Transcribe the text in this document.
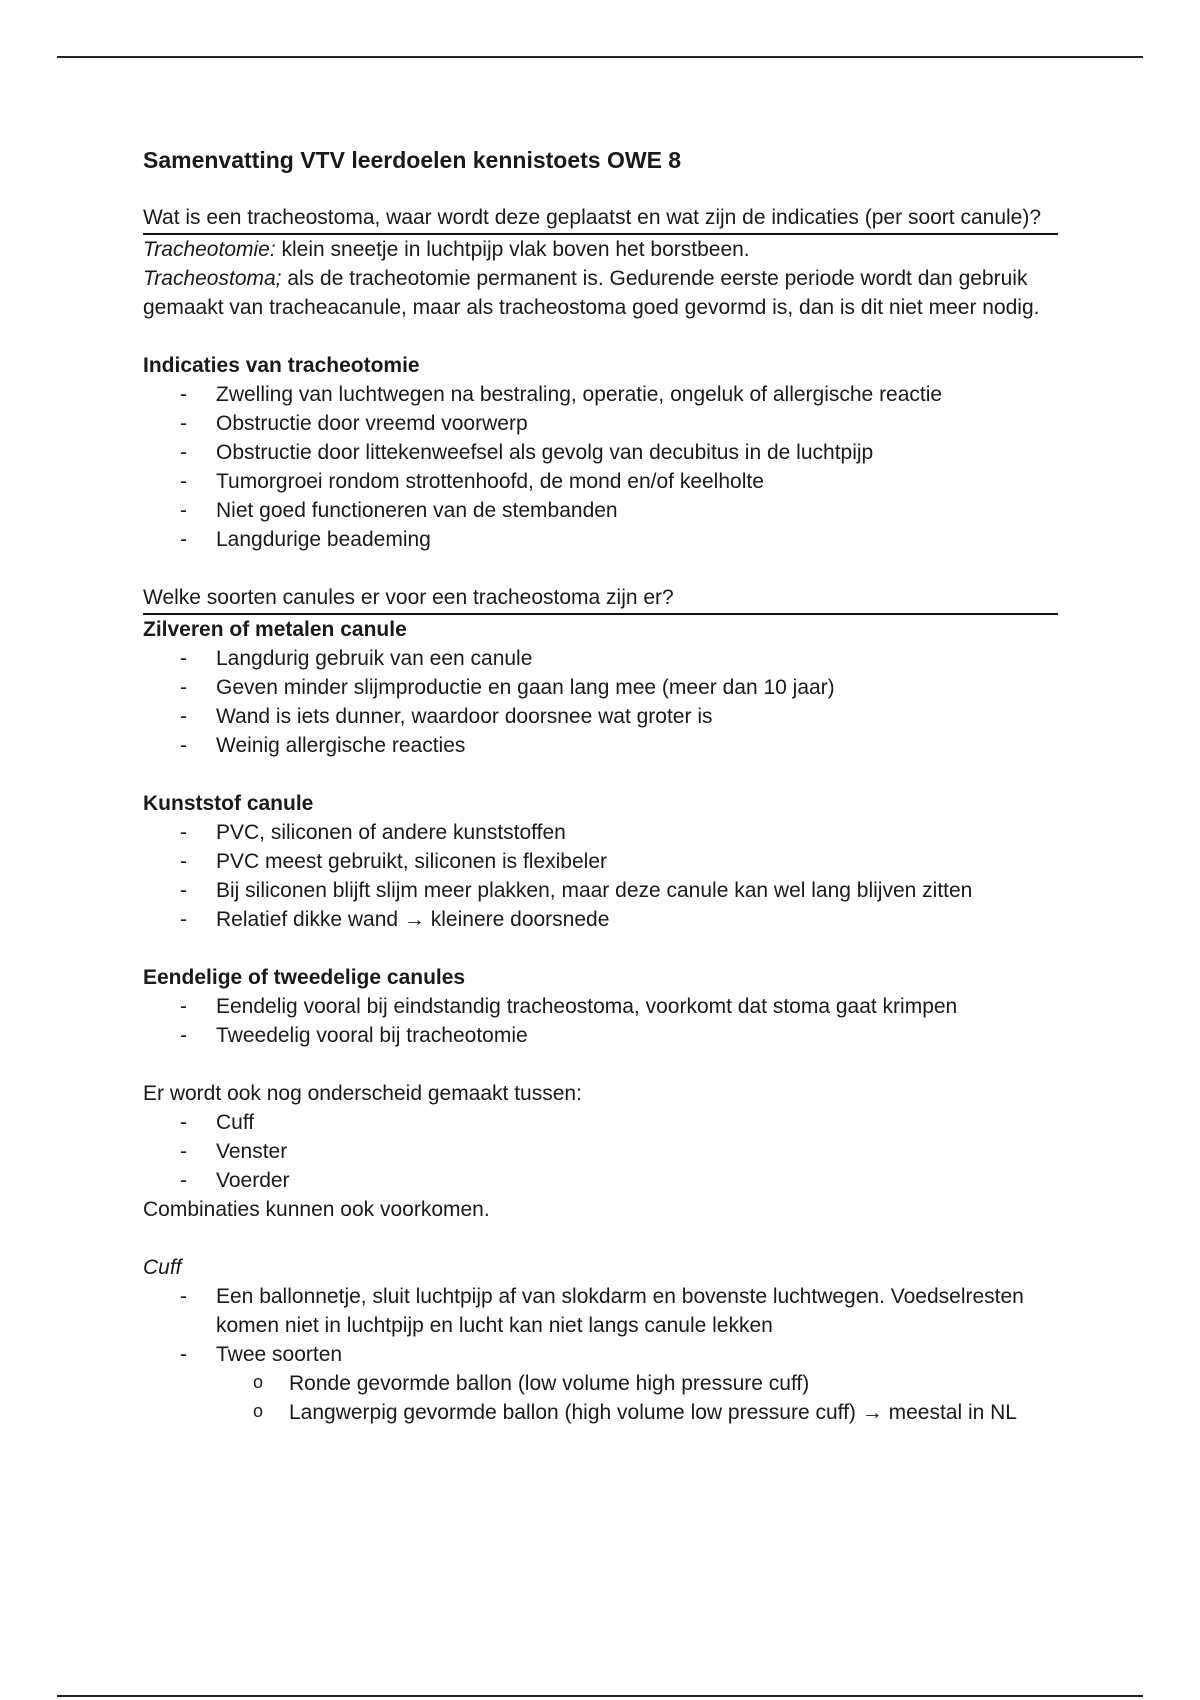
Samenvatting VTV leerdoelen kennistoets OWE 8

Wat is een tracheostoma, waar wordt deze geplaatst en wat zijn de indicaties (per soort canule)?

Tracheotomie: klein sneetje in luchtpijp vlak boven het borstbeen.

Tracheostoma; als de tracheotomie permanent is. Gedurende eerste periode wordt dan gebruik gemaakt van tracheacanule, maar als tracheostoma goed gevormd is, dan is dit niet meer nodig.

Indicaties van tracheotomie

- Zwelling van luchtwegen na bestraling, operatie, ongeluk of allergische reactie
- Obstructie door vreemd voorwerp
- Obstructie door littekenweefsel als gevolg van decubitus in de luchtpijp
- Tumorgroei rondom strottenhoofd, de mond en/of keelholte
- Niet goed functioneren van de stembanden
- Langdurige beademing

Welke soorten canules er voor een tracheostoma zijn er?

Zilveren of metalen canule

- Langdurig gebruik van een canule
- Geven minder slijmproductie en gaan lang mee (meer dan 10 jaar)
- Wand is iets dunner, waardoor doorsnee wat groter is
- Weinig allergische reacties

Kunststof canule

- PVC, siliconen of andere kunststoffen
- PVC meest gebruikt, siliconen is flexibeler
- Bij siliconen blijft slijm meer plakken, maar deze canule kan wel lang blijven zitten
- Relatief dikke wand → kleinere doorsnede

Eendelige of tweedelige canules

- Eendelig vooral bij eindstandig tracheostoma, voorkomt dat stoma gaat krimpen
- Tweedelig vooral bij tracheotomie

Er wordt ook nog onderscheid gemaakt tussen:

- Cuff
- Venster
- Voerder

Combinaties kunnen ook voorkomen.

Cuff

- Een ballonnetje, sluit luchtpijp af van slokdarm en bovenste luchtwegen. Voedselresten komen niet in luchtpijp en lucht kan niet langs canule lekken
- Twee soorten
o Ronde gevormde ballon (low volume high pressure cuff)
o Langwerpig gevormde ballon (high volume low pressure cuff) → meestal in NL
